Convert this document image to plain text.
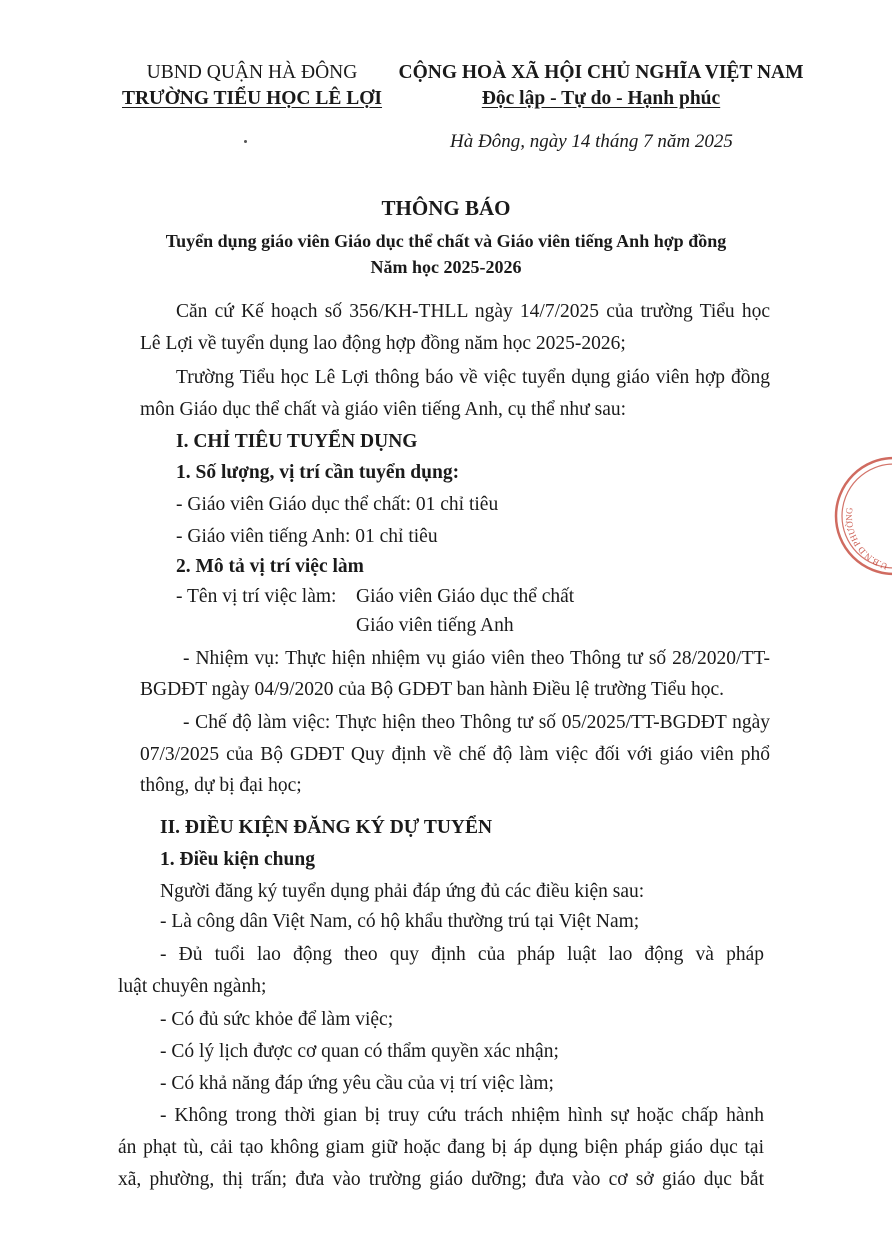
UBND QUẬN HÀ ĐÔNG
TRƯỜNG TIỂU HỌC LÊ LỢI
CỘNG HOÀ XÃ HỘI CHỦ NGHĨA VIỆT NAM
Độc lập - Tự do - Hạnh phúc
Hà Đông, ngày 14 tháng 7 năm 2025
THÔNG BÁO
Tuyển dụng giáo viên Giáo dục thể chất và Giáo viên tiếng Anh hợp đồng
Năm học 2025-2026
Căn cứ Kế hoạch số 356/KH-THLL ngày 14/7/2025 của trường Tiểu học
Lê Lợi về tuyển dụng lao động hợp đồng năm học 2025-2026;
Trường Tiểu học Lê Lợi thông báo về việc tuyển dụng giáo viên hợp đồng
môn Giáo dục thể chất và giáo viên tiếng Anh, cụ thể như sau:
I. CHỈ TIÊU TUYỂN DỤNG
1. Số lượng, vị trí cần tuyển dụng:
- Giáo viên Giáo dục thể chất: 01 chỉ tiêu
- Giáo viên tiếng Anh: 01 chỉ tiêu
2. Mô tả vị trí việc làm
- Tên vị trí việc làm: Giáo viên Giáo dục thể chất
Giáo viên tiếng Anh
- Nhiệm vụ: Thực hiện nhiệm vụ giáo viên theo Thông tư số 28/2020/TT-
BGDĐT ngày 04/9/2020 của Bộ GDĐT ban hành Điều lệ trường Tiểu học.
- Chế độ làm việc: Thực hiện theo Thông tư số 05/2025/TT-BGDĐT ngày
07/3/2025 của Bộ GDĐT Quy định về chế độ làm việc đối với giáo viên phổ
thông, dự bị đại học;
II. ĐIỀU KIỆN ĐĂNG KÝ DỰ TUYỂN
1. Điều kiện chung
Người đăng ký tuyển dụng phải đáp ứng đủ các điều kiện sau:
- Là công dân Việt Nam, có hộ khẩu thường trú tại Việt Nam;
- Đủ tuổi lao động theo quy định của pháp luật lao động và pháp
luật chuyên ngành;
- Có đủ sức khỏe để làm việc;
- Có lý lịch được cơ quan có thẩm quyền xác nhận;
- Có khả năng đáp ứng yêu cầu của vị trí việc làm;
- Không trong thời gian bị truy cứu trách nhiệm hình sự hoặc chấp hành
án phạt tù, cải tạo không giam giữ hoặc đang bị áp dụng biện pháp giáo dục tại
xã, phường, thị trấn; đưa vào trường giáo dưỡng; đưa vào cơ sở giáo dục bắt
U.B.N.D PHƯỜNG
